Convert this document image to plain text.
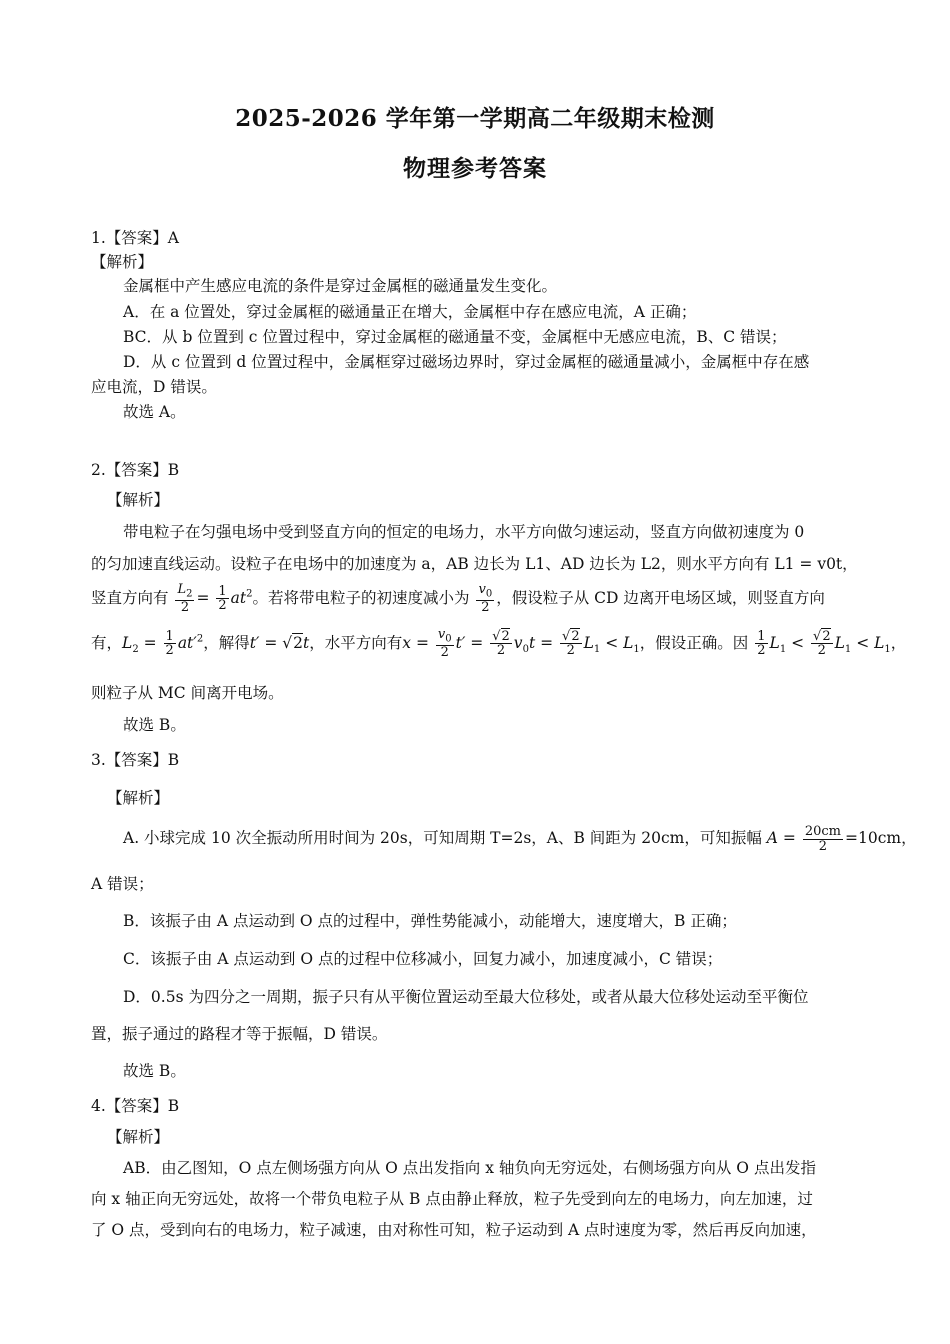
2025-2026 学年第一学期高二年级期末检测
物理参考答案
1.【答案】A
【解析】
金属框中产生感应电流的条件是穿过金属框的磁通量发生变化。
A．在 a 位置处，穿过金属框的磁通量正在增大，金属框中存在感应电流，A 正确；
BC．从 b 位置到 c 位置过程中，穿过金属框的磁通量不变，金属框中无感应电流，B、C 错误；
D．从 c 位置到 d 位置过程中，金属框穿过磁场边界时，穿过金属框的磁通量减小，金属框中存在感
应电流，D 错误。
故选 A。
2.【答案】B
【解析】
带电粒子在匀强电场中受到竖直方向的恒定的电场力，水平方向做匀速运动，竖直方向做初速度为 0
的匀加速直线运动。设粒子在电场中的加速度为 a，AB 边长为 L1、AD 边长为 L2，则水平方向有 L1 = v0t，
竖直方向有 $\frac{L_2}{2} = \frac{1}{2} at^2$。若将带电粒子的初速度减小为 $\frac{v_0}{2}$ ，假设粒子从 CD 边离开电场区域，则竖直方向
有，$L_2 = \frac{1}{2} at'^2$，解得t′ = √2t，水平方向有$x = \frac{v_0}{2} t' = \frac{√2}{2} v_0t = \frac{√2}{2} L_1 < L_1$，假设正确。因 $\frac{1}{2} L_1 < \frac{√2}{2} L_1 < L_1$，
则粒子从 MC 间离开电场。
故选 B。
3.【答案】B
【解析】
A. 小球完成 10 次全振动所用时间为 20s，可知周期 T=2s，A、B 间距为 20cm，可知振幅 $A = \frac{20cm}{2} =10cm$，
A 错误；
B．该振子由 A 点运动到 O 点的过程中，弹性势能减小，动能增大，速度增大，B 正确；
C．该振子由 A 点运动到 O 点的过程中位移减小，回复力减小，加速度减小，C 错误；
D．0.5s 为四分之一周期，振子只有从平衡位置运动至最大位移处，或者从最大位移处运动至平衡位
置，振子通过的路程才等于振幅，D 错误。
故选 B。
4.【答案】B
【解析】
AB．由乙图知，O 点左侧场强方向从 O 点出发指向 x 轴负向无穷远处，右侧场强方向从 O 点出发指
向 x 轴正向无穷远处，故将一个带负电粒子从 B 点由静止释放，粒子先受到向左的电场力，向左加速，过
了 O 点，受到向右的电场力，粒子减速，由对称性可知，粒子运动到 A 点时速度为零，然后再反向加速，
